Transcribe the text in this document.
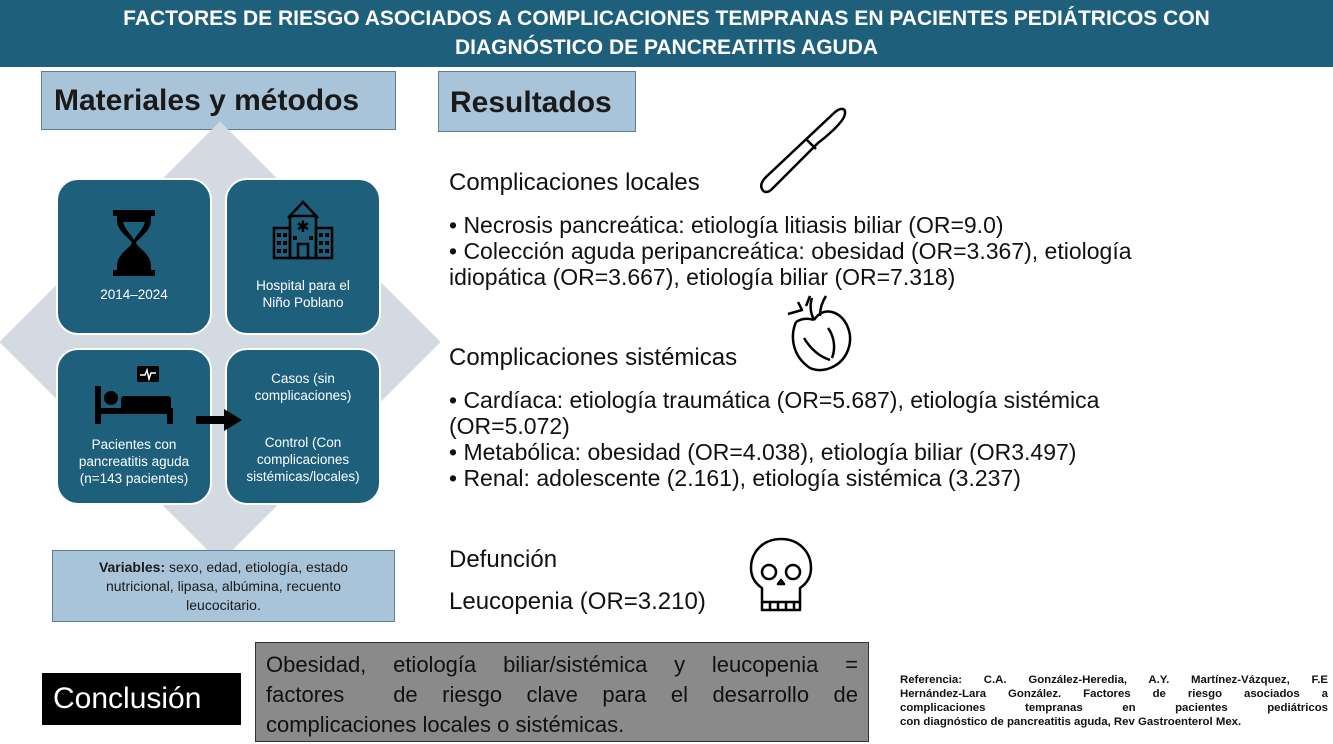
FACTORES DE RIESGO ASOCIADOS A COMPLICACIONES TEMPRANAS EN PACIENTES PEDIÁTRICOS CON
DIAGNÓSTICO DE PANCREATITIS AGUDA
Materiales y métodos	Resultados
2014–2024
✱
Hospital para el
Niño Poblano
Pacientes con
pancreatitis aguda
(n=143 pacientes)
Casos (sin
complicaciones)
Control (Con
complicaciones
sistémicas/locales)
Variables: sexo, edad, etiología, estado
nutricional, lipasa, albúmina, recuento
leucocitario.
Complicaciones locales
• Necrosis pancreática: etiología litiasis biliar (OR=9.0)
• Colección aguda peripancreática: obesidad (OR=3.367), etiología
idiopática (OR=3.667), etiología biliar (OR=7.318)
Complicaciones sistémicas
• Cardíaca: etiología traumática (OR=5.687), etiología sistémica
(OR=5.072)
• Metabólica: obesidad (OR=4.038), etiología biliar (OR3.497)
• Renal: adolescente (2.161), etiología sistémica (3.237)
Defunción
Leucopenia (OR=3.210)
Conclusión
Obesidad, etiología biliar/sistémica y leucopenia =
factores  de riesgo clave para el desarrollo de
complicaciones locales o sistémicas.
Referencia: C.A. González-Heredia, A.Y. Martínez-Vázquez, F.E
Hernández-Lara González. Factores de riesgo asociados a
complicaciones tempranas en pacientes pediátricos
con diagnóstico de pancreatitis aguda, Rev Gastroenterol Mex.
